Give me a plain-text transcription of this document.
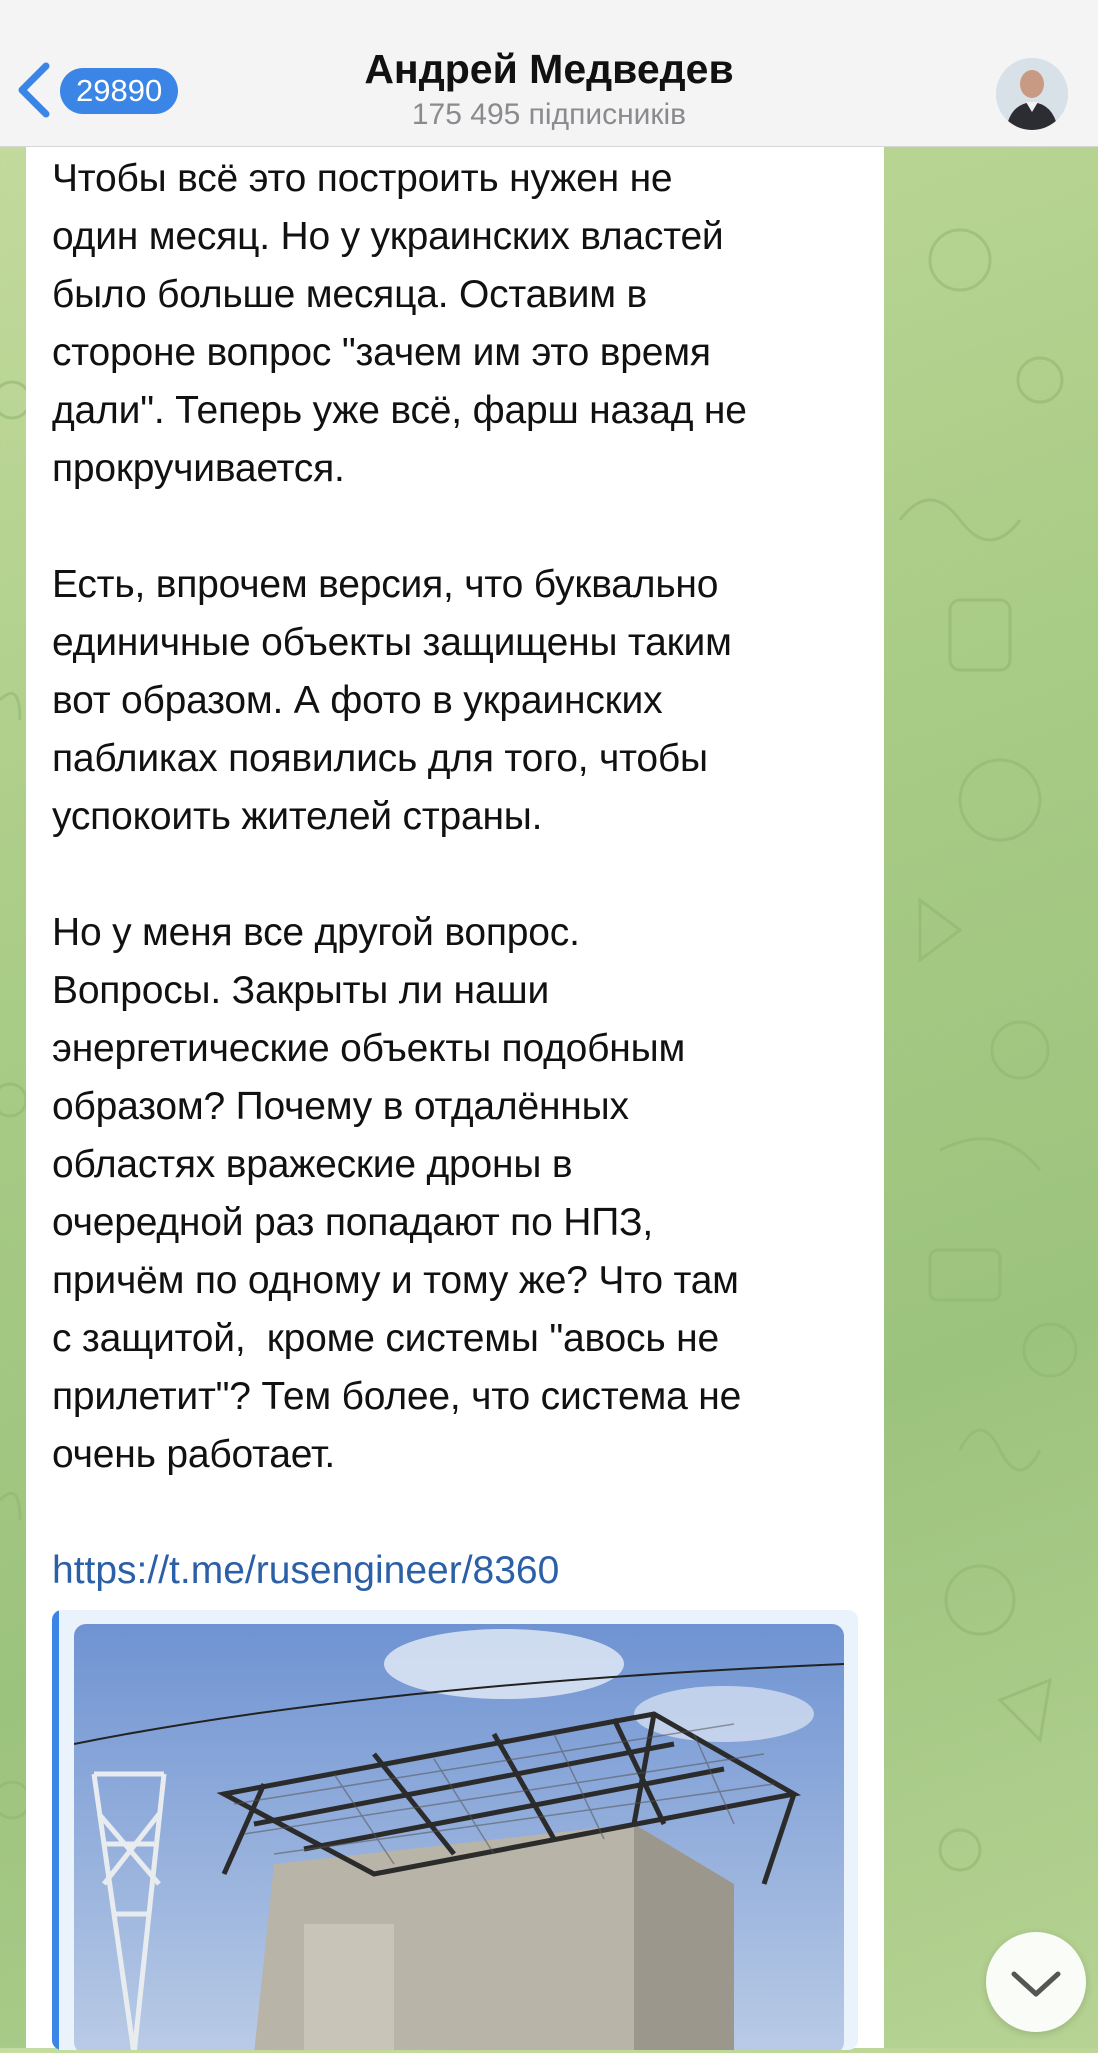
29890	Андрей Медведев
175 495 підписників

Чтобы всё это построить нужен не
один месяц. Но у украинских властей
было больше месяца. Оставим в
стороне вопрос "зачем им это время
дали". Теперь уже всё, фарш назад не
прокручивается.

Есть, впрочем версия, что буквально
единичные объекты защищены таким
вот образом. А фото в украинских
пабликах появились для того, чтобы
успокоить жителей страны.

Но у меня все другой вопрос.
Вопросы. Закрыты ли наши
энергетические объекты подобным
образом? Почему в отдалённых
областях вражеские дроны в
очередной раз попадают по НПЗ,
причём по одному и тому же? Что там
с защитой,  кроме системы "авось не
прилетит"? Тем более, что система не
очень работает.

https://t.me/rusengineer/8360
